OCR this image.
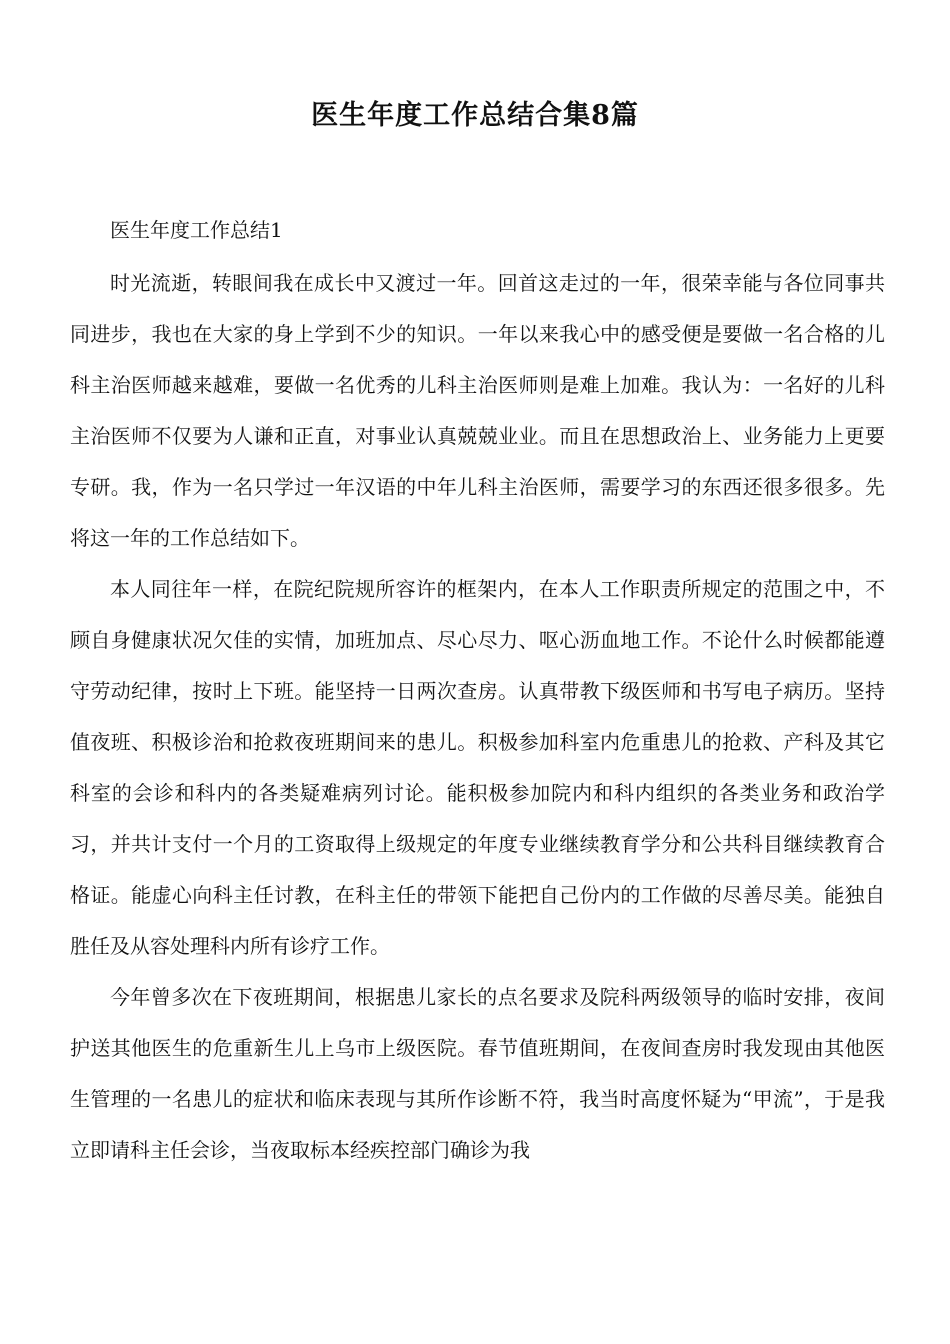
医生年度工作总结合集8篇

医生年度工作总结1

时光流逝，转眼间我在成长中又渡过一年。回首这走过的一年，很荣幸能与各位同事共同进步，我也在大家的身上学到不少的知识。一年以来我心中的感受便是要做一名合格的儿科主治医师越来越难，要做一名优秀的儿科主治医师则是难上加难。我认为：一名好的儿科主治医师不仅要为人谦和正直，对事业认真兢兢业业。而且在思想政治上、业务能力上更要专研。我，作为一名只学过一年汉语的中年儿科主治医师，需要学习的东西还很多很多。先将这一年的工作总结如下。

本人同往年一样，在院纪院规所容许的框架内，在本人工作职责所规定的范围之中，不顾自身健康状况欠佳的实情，加班加点、尽心尽力、呕心沥血地工作。不论什么时候都能遵守劳动纪律，按时上下班。能坚持一日两次查房。认真带教下级医师和书写电子病历。坚持值夜班、积极诊治和抢救夜班期间来的患儿。积极参加科室内危重患儿的抢救、产科及其它科室的会诊和科内的各类疑难病列讨论。能积极参加院内和科内组织的各类业务和政治学习，并共计支付一个月的工资取得上级规定的年度专业继续教育学分和公共科目继续教育合格证。能虚心向科主任讨教，在科主任的带领下能把自己份内的工作做的尽善尽美。能独自胜任及从容处理科内所有诊疗工作。

今年曾多次在下夜班期间，根据患儿家长的点名要求及院科两级领导的临时安排，夜间护送其他医生的危重新生儿上乌市上级医院。春节值班期间，在夜间查房时我发现由其他医生管理的一名患儿的症状和临床表现与其所作诊断不符，我当时高度怀疑为“甲流”，于是我立即请科主任会诊，当夜取标本经疾控部门确诊为我
